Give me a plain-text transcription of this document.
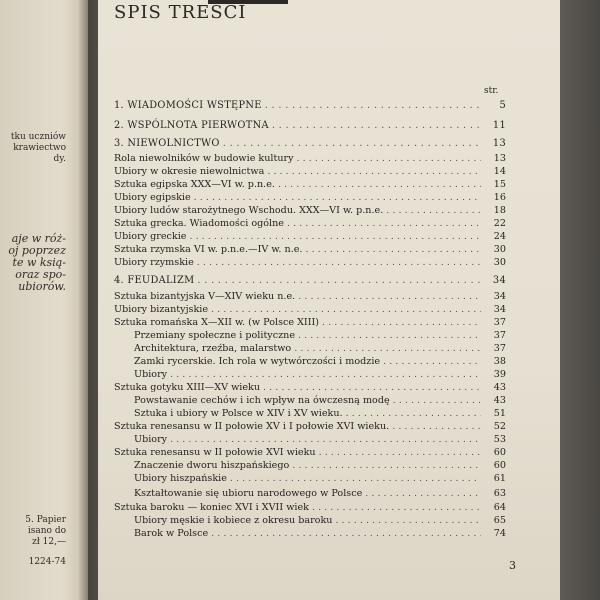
tku uczniów
krawiectwo
dy.
aje w róż-
oj poprzez
te w ksią-
oraz spo-
ubiorów.
5. Papier
isano do
zł 12,—
1224-74
SPIS TREŚCI
str.
1. WIADOMOŚCI WSTĘPNE . . .	5
2. WSPÓLNOTA PIERWOTNA . . .	11
3. NIEWOLNICTWO . . .	13
Rola niewolników w budowie kultury . . .	13
Ubiory w okresie niewolnictwa . . .	14
Sztuka egipska XXX—VI w. p.n.e. . . .	15
Ubiory egipskie . . .	16
Ubiory ludów starożytnego Wschodu. XXX—VI w. p.n.e. . . .	18
Sztuka grecka. Wiadomości ogólne . . .	22
Ubiory greckie . . .	24
Sztuka rzymska VI w. p.n.e.—IV w. n.e. . . .	30
Ubiory rzymskie . . .	30
4. FEUDALIZM . . .	34
Sztuka bizantyjska V—XIV wieku n.e. . . .	34
Ubiory bizantyjskie . . .	34
Sztuka romańska X—XII w. (w Polsce XIII) . . .	37
Przemiany społeczne i polityczne . . .	37
Architektura, rzeźba, malarstwo . . .	37
Zamki rycerskie. Ich rola w wytwórczości i modzie . . .	38
Ubiory . . .	39
Sztuka gotyku XIII—XV wieku . . .	43
Powstawanie cechów i ich wpływ na ówczesną modę . . .	43
Sztuka i ubiory w Polsce w XIV i XV wieku. . . .	51
Sztuka renesansu w II połowie XV i I połowie XVI wieku. . . .	52
Ubiory . . .	53
Sztuka renesansu w II połowie XVI wieku . . .	60
Znaczenie dworu hiszpańskiego . . .	60
Ubiory hiszpańskie . . .	61
Kształtowanie się ubioru narodowego w Polsce . . .	63
Sztuka baroku — koniec XVI i XVII wiek . . .	64
Ubiory męskie i kobiece z okresu baroku . . .	65
Barok w Polsce . . .	74
3
